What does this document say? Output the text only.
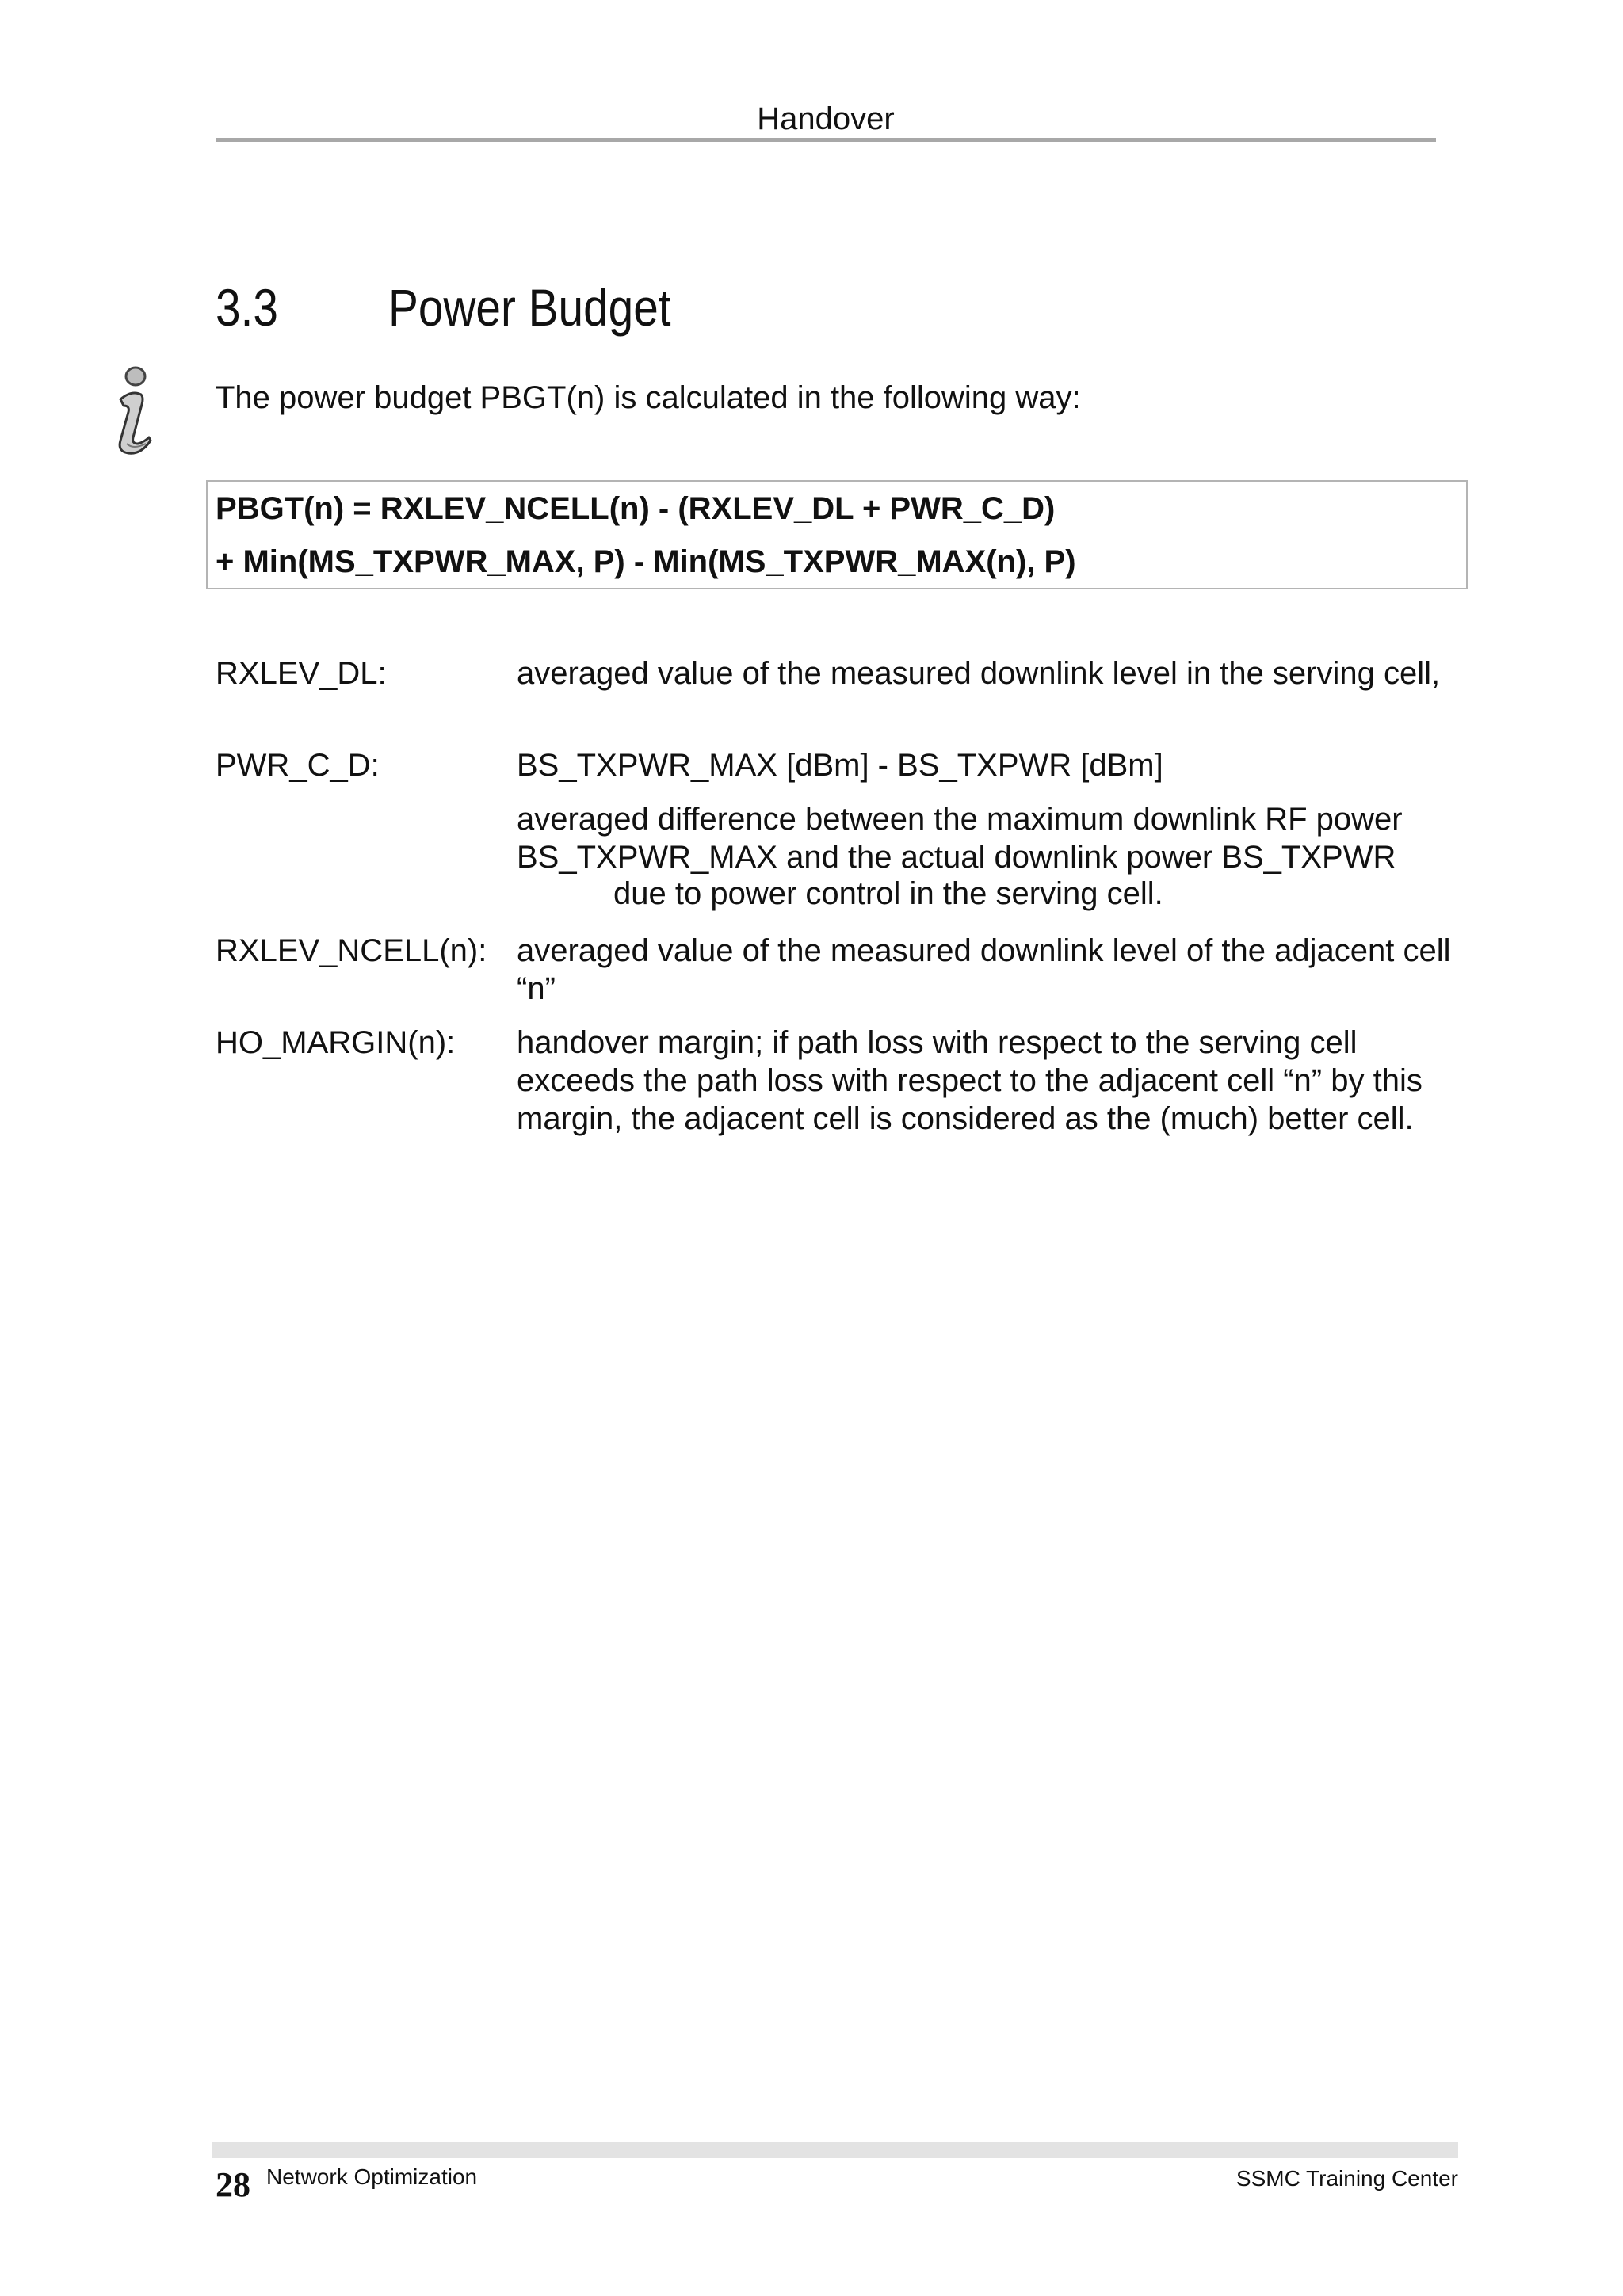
Handover
3.3 Power Budget
The power budget PBGT(n) is calculated in the following way:
PBGT(n) = RXLEV_NCELL(n) - (RXLEV_DL + PWR_C_D)
+ Min(MS_TXPWR_MAX, P) - Min(MS_TXPWR_MAX(n), P)
RXLEV_DL:	averaged value of the measured downlink level in the serving cell,
PWR_C_D:	BS_TXPWR_MAX [dBm] - BS_TXPWR [dBm]
averaged difference between the maximum downlink RF power BS_TXPWR_MAX and the actual downlink power BS_TXPWR
due to power control in the serving cell.
RXLEV_NCELL(n): averaged value of the measured downlink level of the adjacent cell “n”
HO_MARGIN(n): handover margin; if path loss with respect to the serving cell exceeds the path loss with respect to the adjacent cell “n” by this margin, the adjacent cell is considered as the (much) better cell.
28 Network Optimization	SSMC Training Center
